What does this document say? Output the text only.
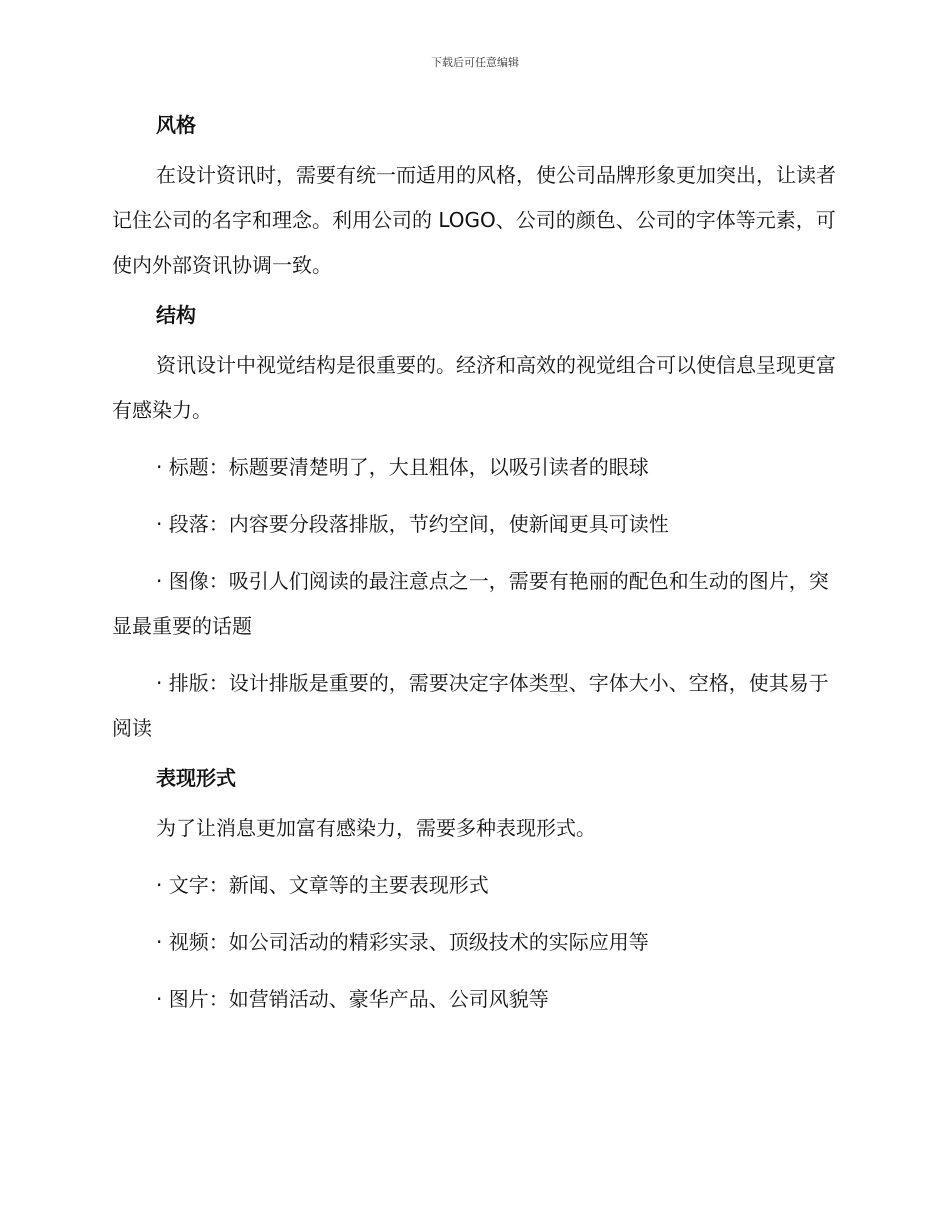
下载后可任意编辑
风格

在设计资讯时，需要有统一而适用的风格，使公司品牌形象更加突出，让读者记住公司的名字和理念。利用公司的 LOGO、公司的颜色、公司的字体等元素，可使内外部资讯协调一致。

结构

资讯设计中视觉结构是很重要的。经济和高效的视觉组合可以使信息呈现更富有感染力。

· 标题：标题要清楚明了，大且粗体，以吸引读者的眼球

· 段落：内容要分段落排版，节约空间，使新闻更具可读性

· 图像：吸引人们阅读的最注意点之一，需要有艳丽的配色和生动的图片，突显最重要的话题

· 排版：设计排版是重要的，需要决定字体类型、字体大小、空格，使其易于阅读

表现形式

为了让消息更加富有感染力，需要多种表现形式。

· 文字：新闻、文章等的主要表现形式

· 视频：如公司活动的精彩实录、顶级技术的实际应用等

· 图片：如营销活动、豪华产品、公司风貌等
